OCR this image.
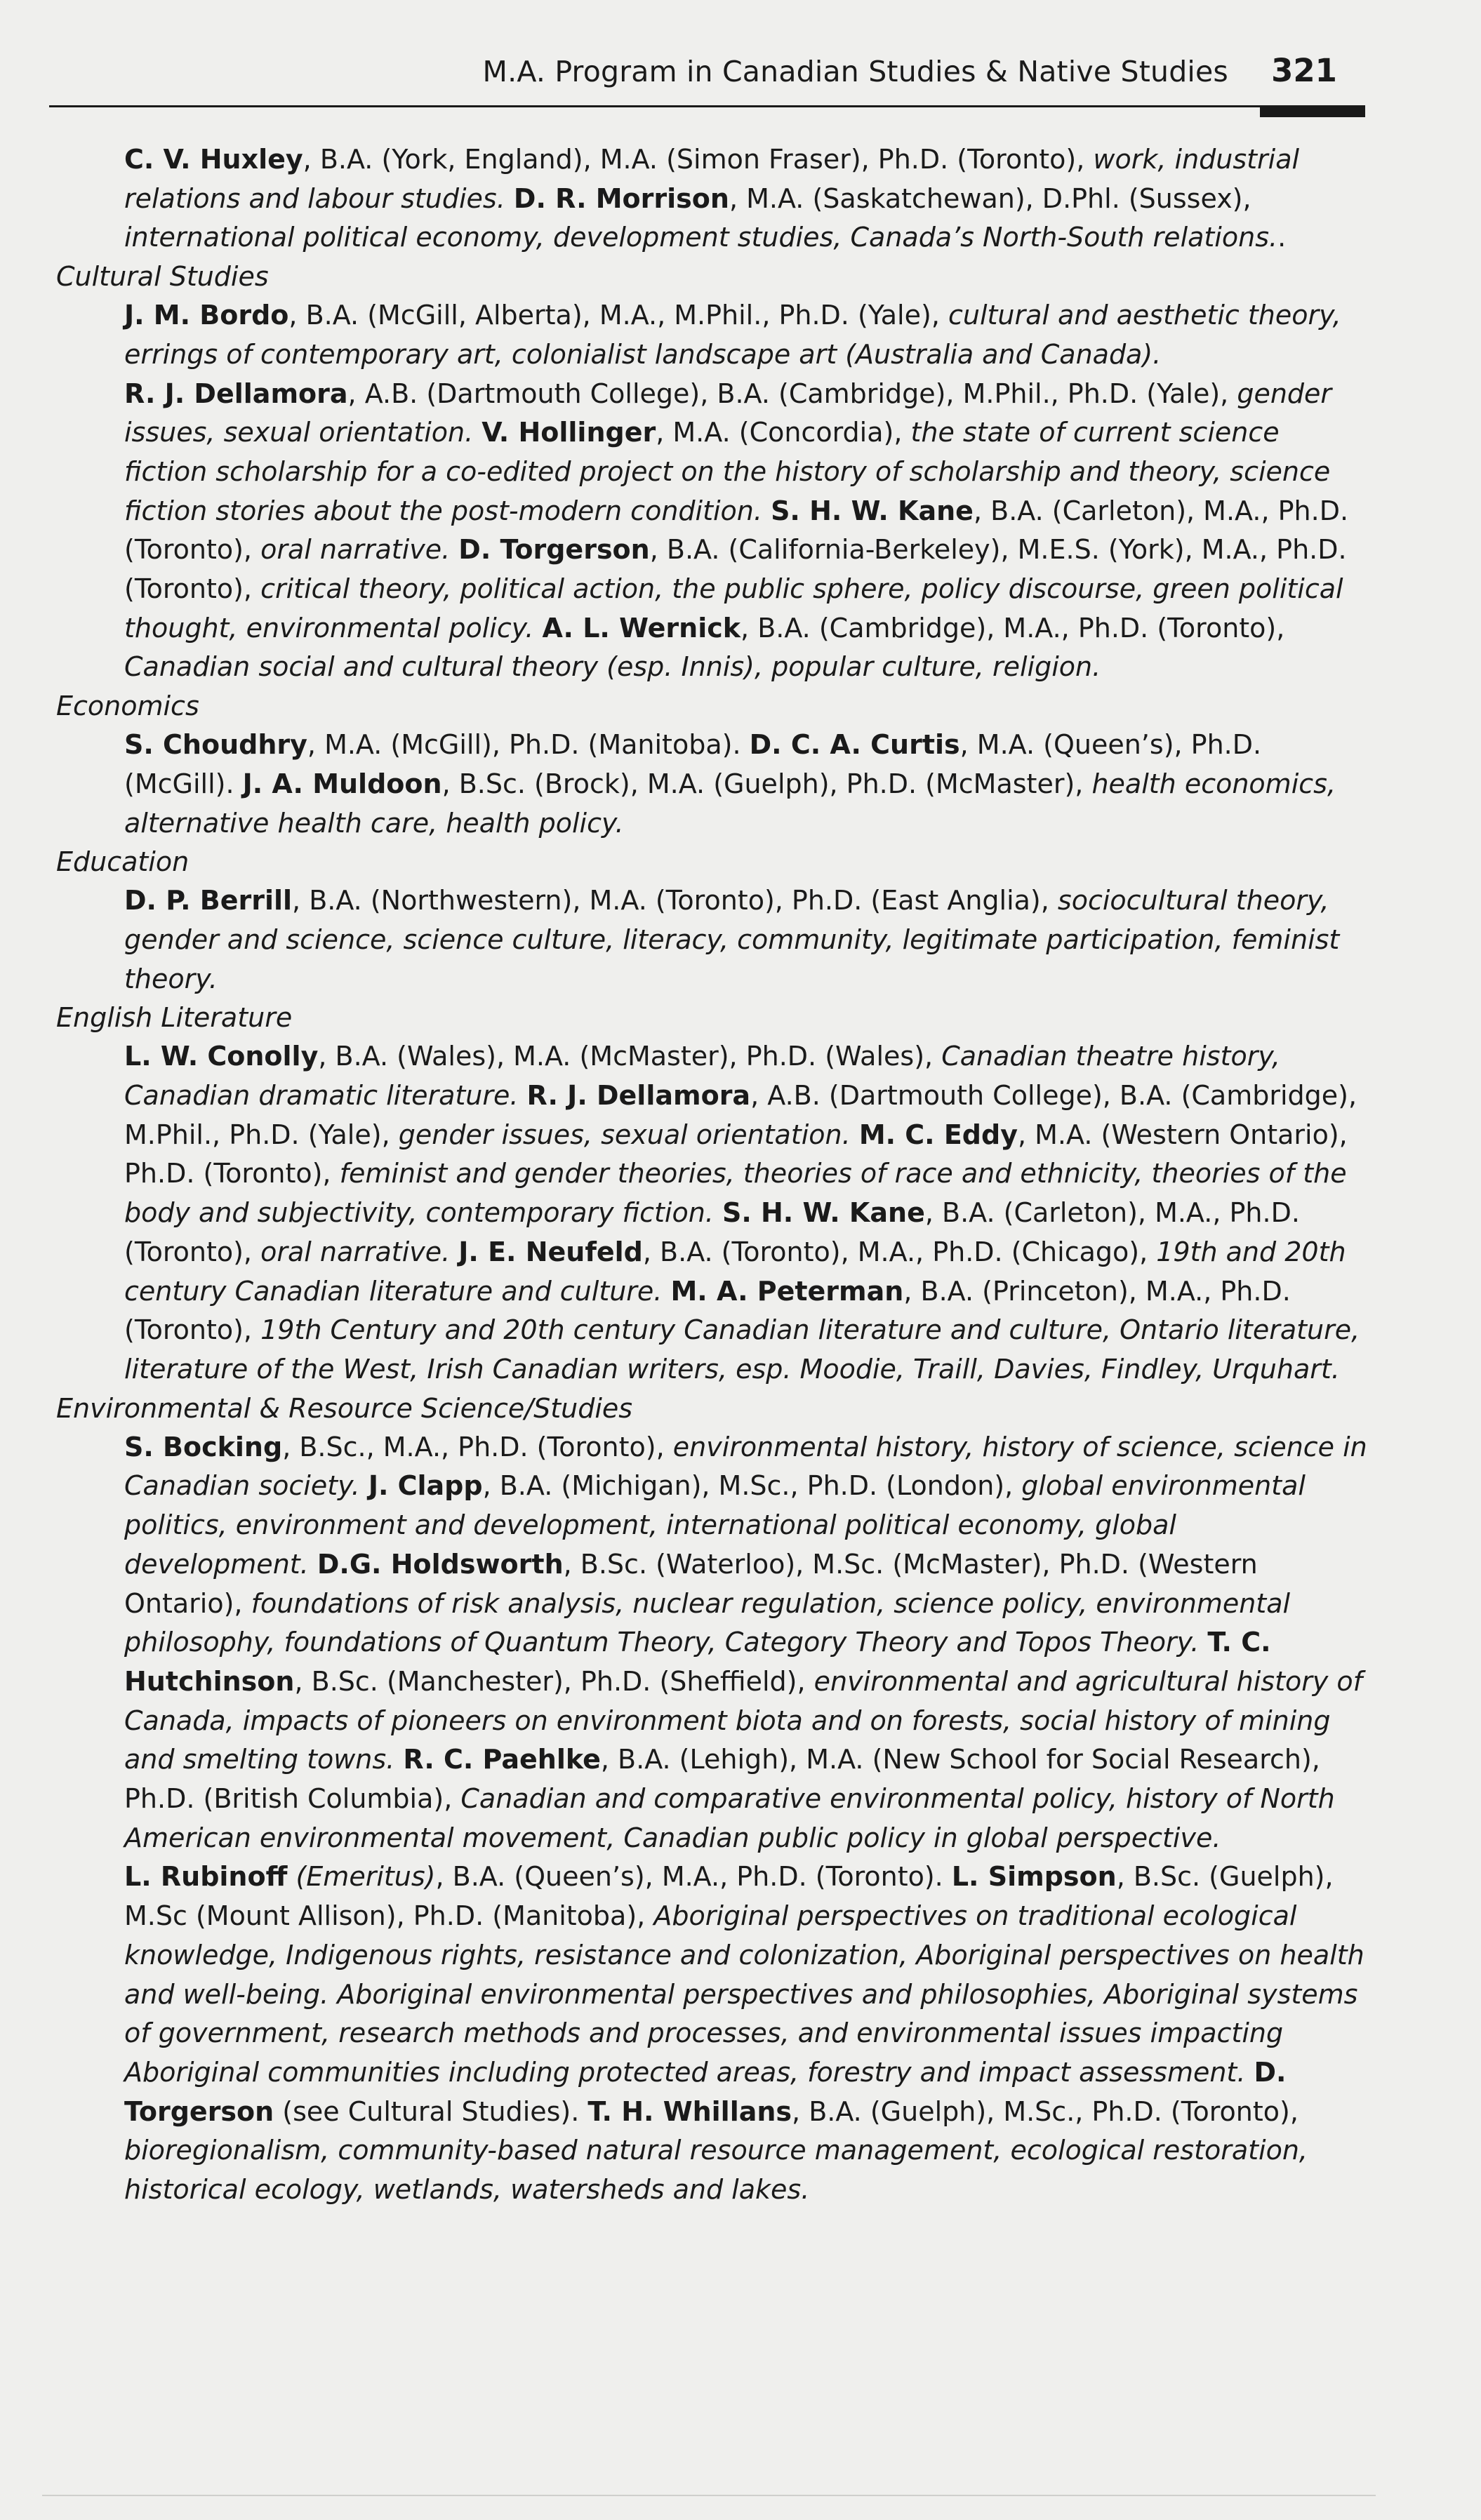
M.A. Program in Canadian Studies & Native Studies 321

C. V. Huxley, B.A. (York, England), M.A. (Simon Fraser), Ph.D. (Toronto), work, industrial relations and labour studies. D. R. Morrison, M.A. (Saskatchewan), D.Phl. (Sussex), international political economy, development studies, Canada’s North-South relations..

Cultural Studies

J. M. Bordo, B.A. (McGill, Alberta), M.A., M.Phil., Ph.D. (Yale), cultural and aesthetic theory, errings of contemporary art, colonialist landscape art (Australia and Canada).

R. J. Dellamora, A.B. (Dartmouth College), B.A. (Cambridge), M.Phil., Ph.D. (Yale), gender issues, sexual orientation. V. Hollinger, M.A. (Concordia), the state of current science fiction scholarship for a co-edited project on the history of scholarship and theory, science fiction stories about the post-modern condition. S. H. W. Kane, B.A. (Carleton), M.A., Ph.D. (Toronto), oral narrative. D. Torgerson, B.A. (California-Berkeley), M.E.S. (York), M.A., Ph.D. (Toronto), critical theory, political action, the public sphere, policy discourse, green political thought, environmental policy. A. L. Wernick, B.A. (Cambridge), M.A., Ph.D. (Toronto), Canadian social and cultural theory (esp. Innis), popular culture, religion.

Economics

S. Choudhry, M.A. (McGill), Ph.D. (Manitoba). D. C. A. Curtis, M.A. (Queen’s), Ph.D. (McGill). J. A. Muldoon, B.Sc. (Brock), M.A. (Guelph), Ph.D. (McMaster), health economics, alternative health care, health policy.

Education

D. P. Berrill, B.A. (Northwestern), M.A. (Toronto), Ph.D. (East Anglia), sociocultural theory, gender and science, science culture, literacy, community, legitimate participation, feminist theory.

English Literature

L. W. Conolly, B.A. (Wales), M.A. (McMaster), Ph.D. (Wales), Canadian theatre history, Canadian dramatic literature. R. J. Dellamora, A.B. (Dartmouth College), B.A. (Cambridge), M.Phil., Ph.D. (Yale), gender issues, sexual orientation. M. C. Eddy, M.A. (Western Ontario), Ph.D. (Toronto), feminist and gender theories, theories of race and ethnicity, theories of the body and subjectivity, contemporary fiction. S. H. W. Kane, B.A. (Carleton), M.A., Ph.D. (Toronto), oral narrative. J. E. Neufeld, B.A. (Toronto), M.A., Ph.D. (Chicago), 19th and 20th century Canadian literature and culture. M. A. Peterman, B.A. (Princeton), M.A., Ph.D. (Toronto), 19th Century and 20th century Canadian literature and culture, Ontario literature, literature of the West, Irish Canadian writers, esp. Moodie, Traill, Davies, Findley, Urquhart.

Environmental & Resource Science/Studies

S. Bocking, B.Sc., M.A., Ph.D. (Toronto), environmental history, history of science, science in Canadian society. J. Clapp, B.A. (Michigan), M.Sc., Ph.D. (London), global environmental politics, environment and development, international political economy, global development. D.G. Holdsworth, B.Sc. (Waterloo), M.Sc. (McMaster), Ph.D. (Western Ontario), foundations of risk analysis, nuclear regulation, science policy, environmental philosophy, foundations of Quantum Theory, Category Theory and Topos Theory. T. C. Hutchinson, B.Sc. (Manchester), Ph.D. (Sheffield), environmental and agricultural history of Canada, impacts of pioneers on environment biota and on forests, social history of mining and smelting towns. R. C. Paehlke, B.A. (Lehigh), M.A. (New School for Social Research), Ph.D. (British Columbia), Canadian and comparative environmental policy, history of North American environmental movement, Canadian public policy in global perspective.

L. Rubinoff (Emeritus), B.A. (Queen’s), M.A., Ph.D. (Toronto). L. Simpson, B.Sc. (Guelph), M.Sc (Mount Allison), Ph.D. (Manitoba), Aboriginal perspectives on traditional ecological knowledge, Indigenous rights, resistance and colonization, Aboriginal perspectives on health and well-being. Aboriginal environmental perspectives and philosophies, Aboriginal systems of government, research methods and processes, and environmental issues impacting Aboriginal communities including protected areas, forestry and impact assessment. D. Torgerson (see Cultural Studies). T. H. Whillans, B.A. (Guelph), M.Sc., Ph.D. (Toronto), bioregionalism, community-based natural resource management, ecological restoration, historical ecology, wetlands, watersheds and lakes.
